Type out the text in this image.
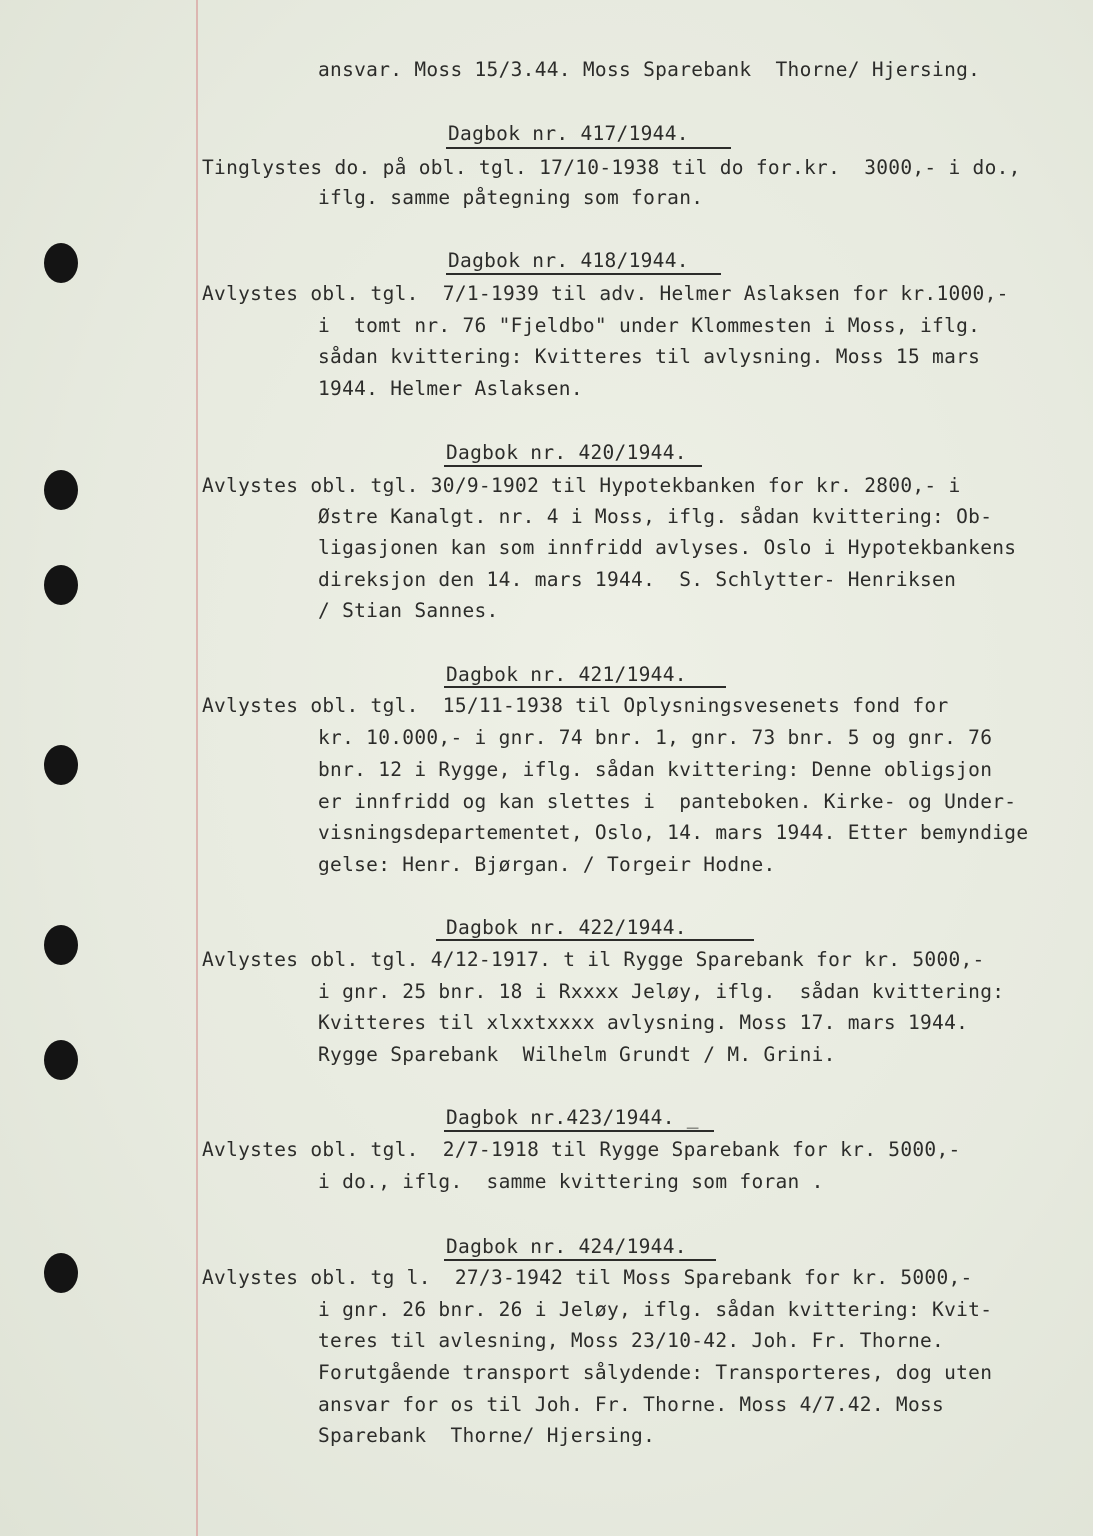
ansvar. Moss 15/3.44. Moss Sparebank  Thorne/ Hjersing.
Dagbok nr. 417/1944.
Tinglystes do. på obl. tgl. 17/10-1938 til do for.kr.  3000,- i do.,
iflg. samme påtegning som foran.
Dagbok nr. 418/1944.
Avlystes obl. tgl.  7/1-1939 til adv. Helmer Aslaksen for kr.1000,-
i  tomt nr. 76 "Fjeldbo" under Klommesten i Moss, iflg.
sådan kvittering: Kvitteres til avlysning. Moss 15 mars
1944. Helmer Aslaksen.
Dagbok nr. 420/1944.
Avlystes obl. tgl. 30/9-1902 til Hypotekbanken for kr. 2800,- i
Østre Kanalgt. nr. 4 i Moss, iflg. sådan kvittering: Ob-
ligasjonen kan som innfridd avlyses. Oslo i Hypotekbankens
direksjon den 14. mars 1944.  S. Schlytter- Henriksen
/ Stian Sannes.
Dagbok nr. 421/1944.
Avlystes obl. tgl.  15/11-1938 til Oplysningsvesenets fond for
kr. 10.000,- i gnr. 74 bnr. 1, gnr. 73 bnr. 5 og gnr. 76
bnr. 12 i Rygge, iflg. sådan kvittering: Denne obligsjon
er innfridd og kan slettes i  panteboken. Kirke- og Under-
visningsdepartementet, Oslo, 14. mars 1944. Etter bemyndige
gelse: Henr. Bjørgan. / Torgeir Hodne.
Dagbok nr. 422/1944.
Avlystes obl. tgl. 4/12-1917. t il Rygge Sparebank for kr. 5000,-
i gnr. 25 bnr. 18 i Rxxxx Jeløy, iflg.  sådan kvittering:
Kvitteres til xlxxtxxxx avlysning. Moss 17. mars 1944.
Rygge Sparebank  Wilhelm Grundt / M. Grini.
Dagbok nr.423/1944. _
Avlystes obl. tgl.  2/7-1918 til Rygge Sparebank for kr. 5000,-
i do., iflg.  samme kvittering som foran .
Dagbok nr. 424/1944.
Avlystes obl. tg l.  27/3-1942 til Moss Sparebank for kr. 5000,-
i gnr. 26 bnr. 26 i Jeløy, iflg. sådan kvittering: Kvit-
teres til avlesning, Moss 23/10-42. Joh. Fr. Thorne.
Forutgående transport sålydende: Transporteres, dog uten
ansvar for os til Joh. Fr. Thorne. Moss 4/7.42. Moss
Sparebank  Thorne/ Hjersing.
